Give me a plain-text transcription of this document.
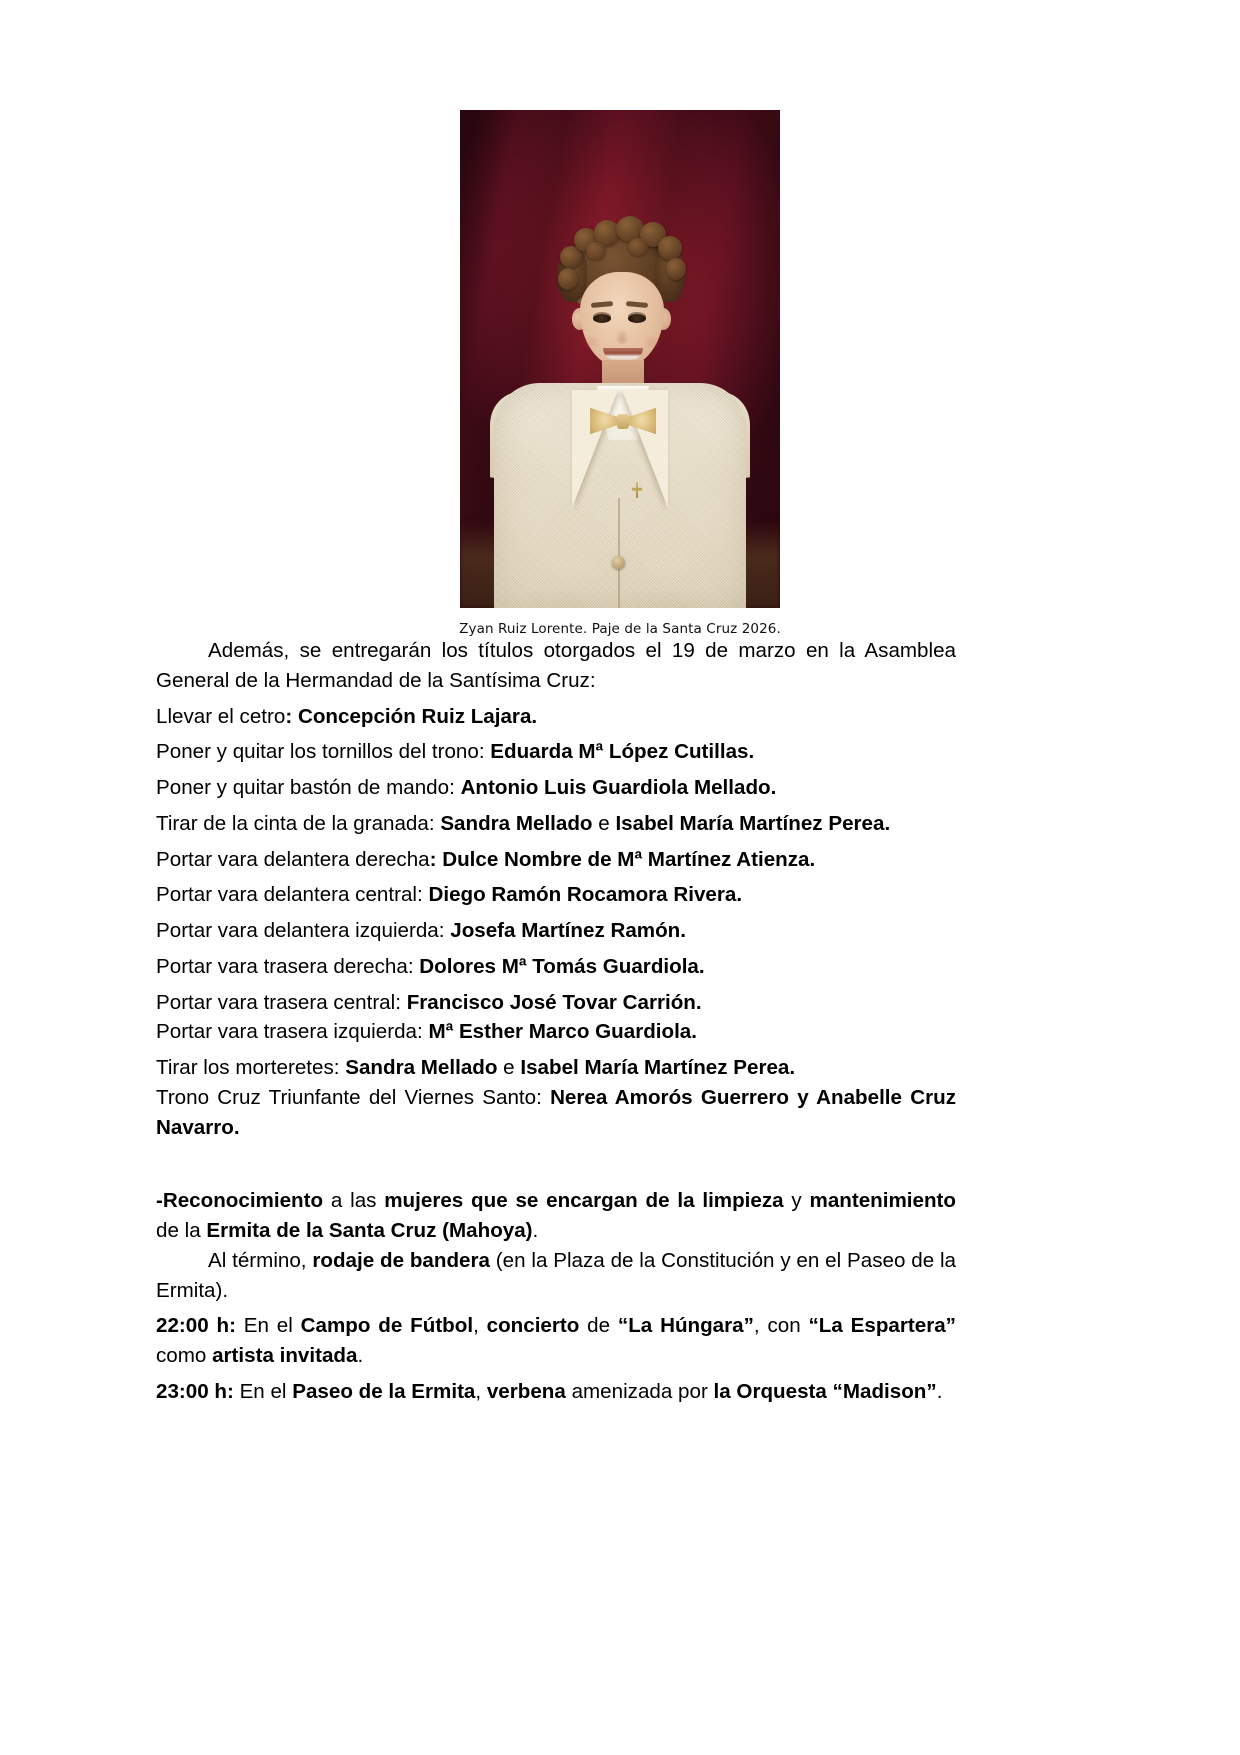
Zyan Ruiz Lorente. Paje de la Santa Cruz 2026.

Además, se entregarán los títulos otorgados el 19 de marzo en la Asamblea General de la Hermandad de la Santísima Cruz:

Llevar el cetro: Concepción Ruiz Lajara.

Poner y quitar los tornillos del trono: Eduarda Mª López Cutillas.

Poner y quitar bastón de mando: Antonio Luis Guardiola Mellado.

Tirar de la cinta de la granada: Sandra Mellado e Isabel María Martínez Perea.

Portar vara delantera derecha: Dulce Nombre de Mª Martínez Atienza.

Portar vara delantera central: Diego Ramón Rocamora Rivera.

Portar vara delantera izquierda: Josefa Martínez Ramón.

Portar vara trasera derecha: Dolores Mª Tomás Guardiola.

Portar vara trasera central: Francisco José Tovar Carrión.

Portar vara trasera izquierda: Mª Esther Marco Guardiola.

Tirar los morteretes: Sandra Mellado e Isabel María Martínez Perea.

Trono Cruz Triunfante del Viernes Santo: Nerea Amorós Guerrero y Anabelle Cruz Navarro.

-Reconocimiento a las mujeres que se encargan de la limpieza y mantenimiento de la Ermita de la Santa Cruz (Mahoya).

Al término, rodaje de bandera (en la Plaza de la Constitución y en el Paseo de la Ermita).

22:00 h: En el Campo de Fútbol, concierto de “La Húngara”, con “La Espartera” como artista invitada.

23:00 h: En el Paseo de la Ermita, verbena amenizada por la Orquesta “Madison”.
